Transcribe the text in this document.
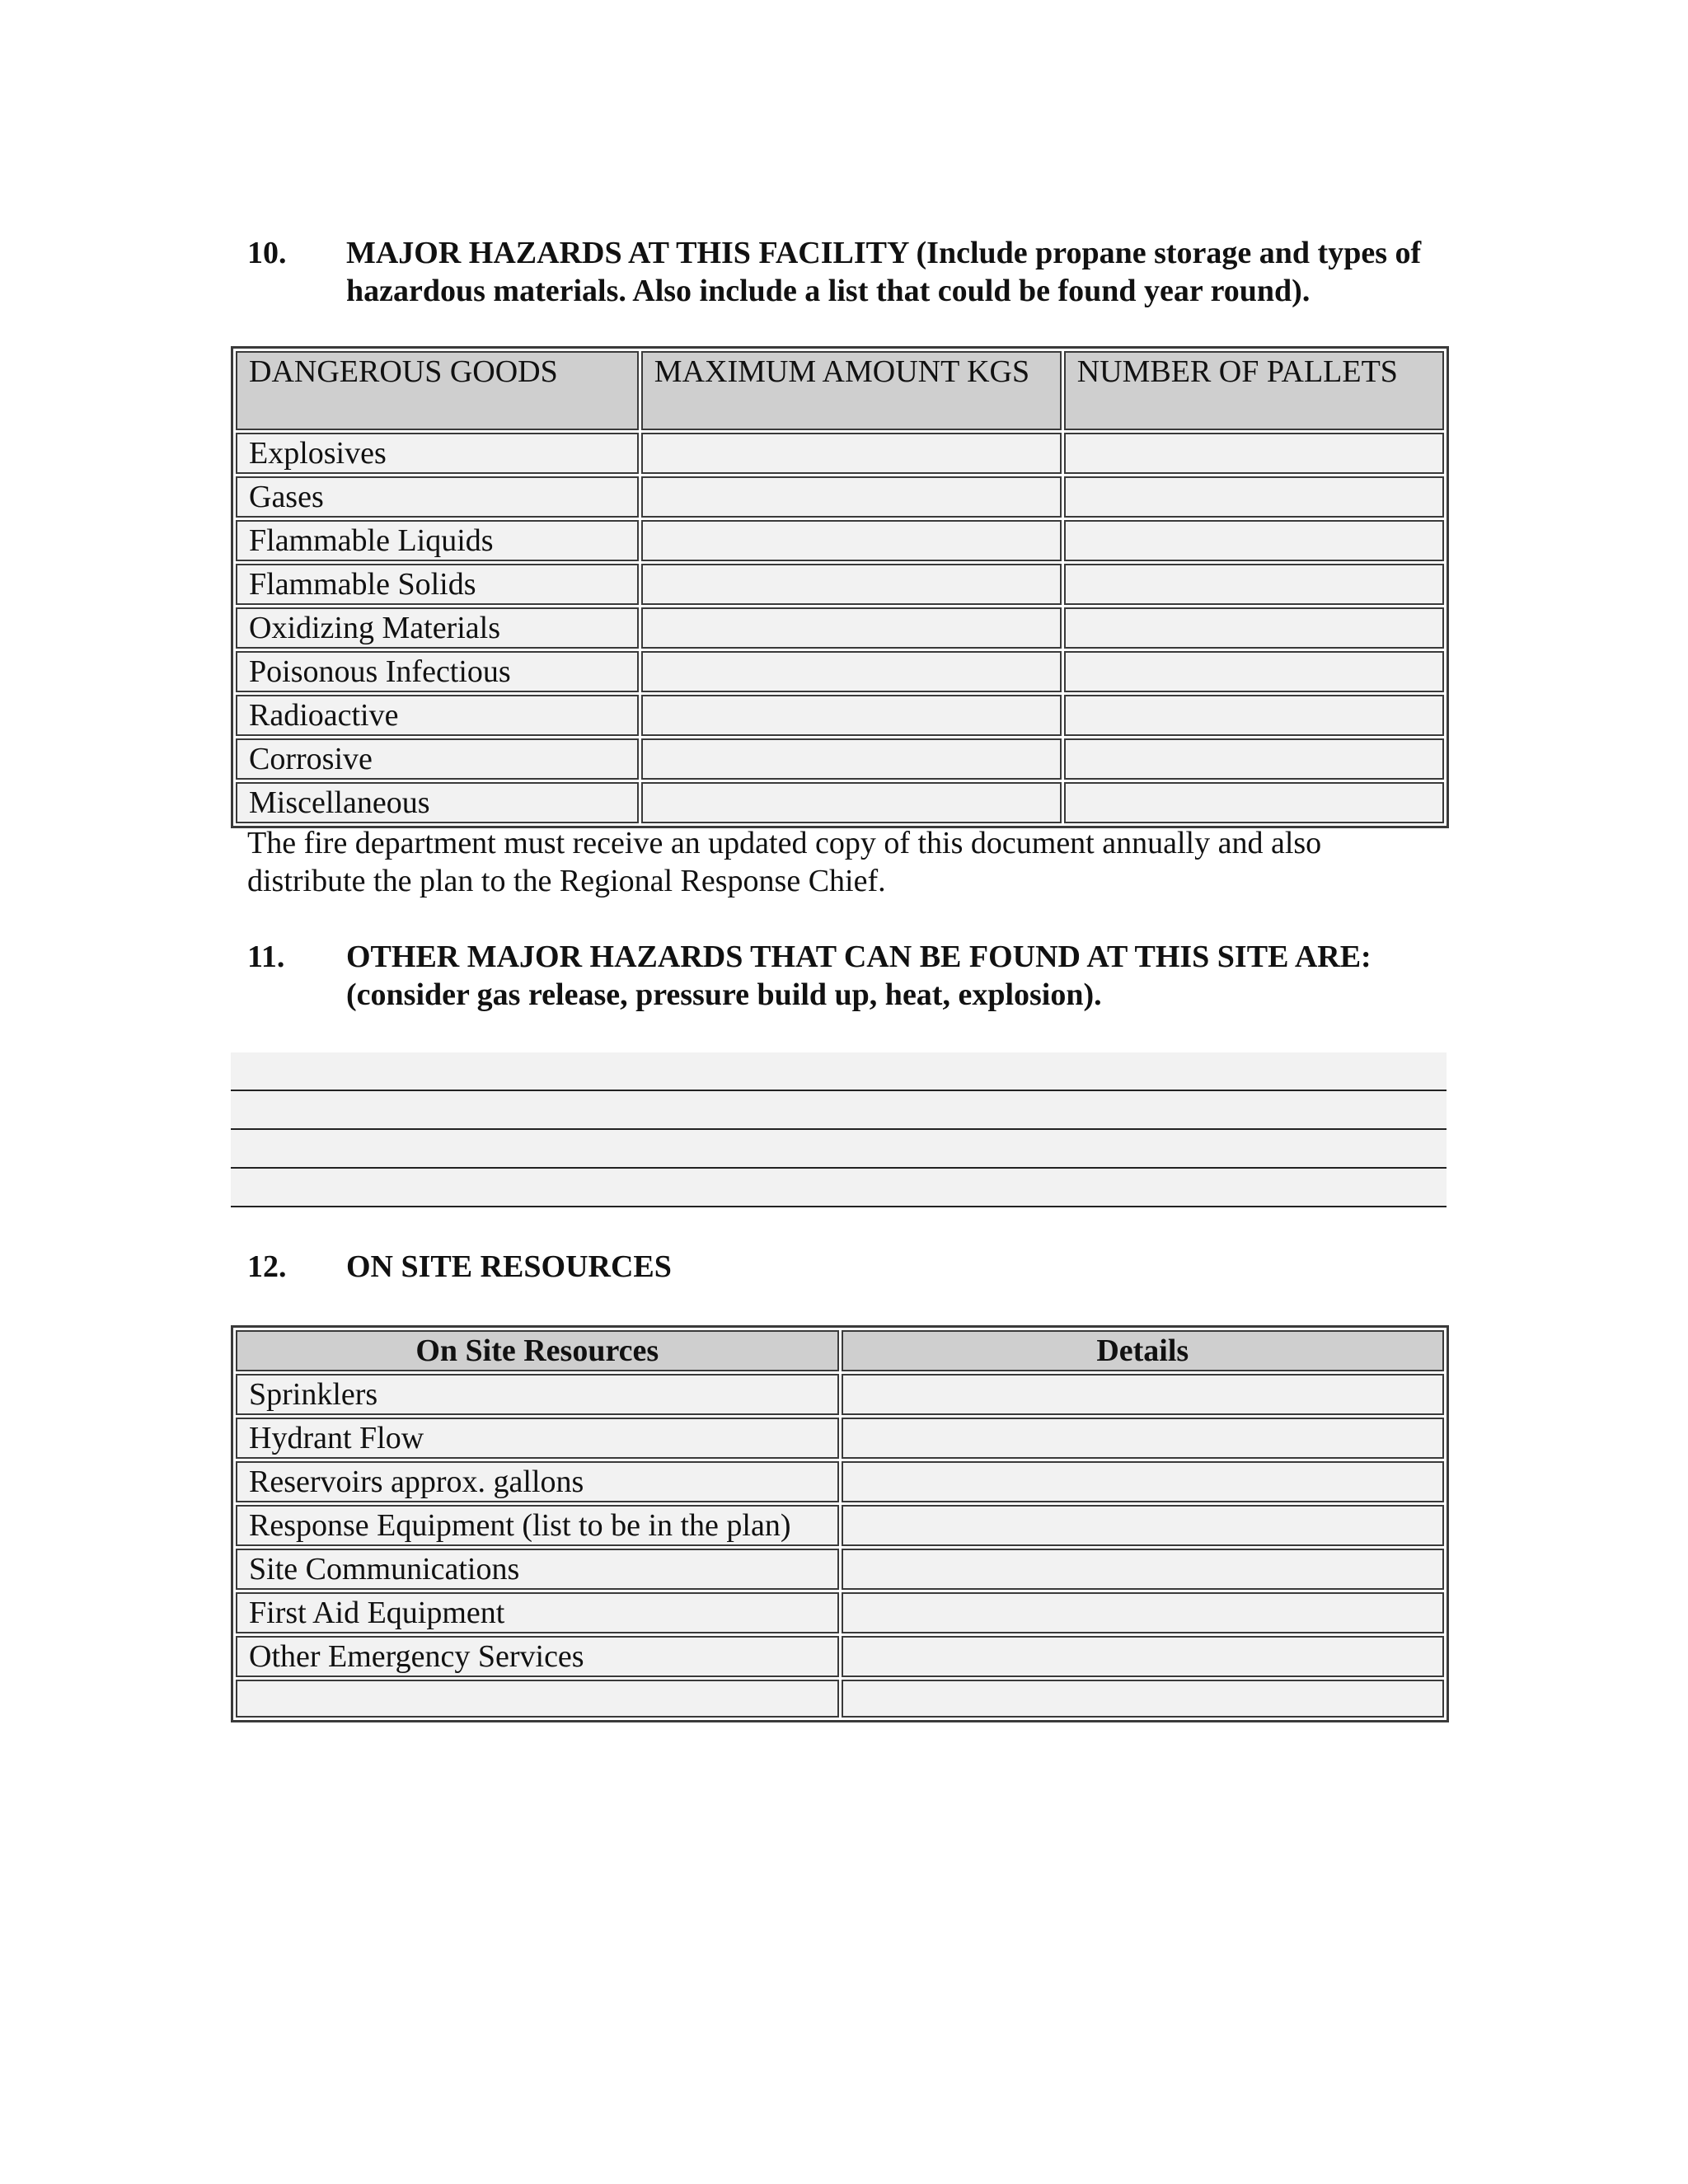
10. MAJOR HAZARDS AT THIS FACILITY (Include propane storage and types of
hazardous materials. Also include a list that could be found year round).
DANGEROUS GOODS	MAXIMUM AMOUNT KGS	NUMBER OF PALLETS
Explosives		
Gases		
Flammable Liquids		
Flammable Solids		
Oxidizing Materials		
Poisonous Infectious		
Radioactive		
Corrosive		
Miscellaneous		
The fire department must receive an updated copy of this document annually and also
distribute the plan to the Regional Response Chief.
11. OTHER MAJOR HAZARDS THAT CAN BE FOUND AT THIS SITE ARE:
(consider gas release, pressure build up, heat, explosion).
12. ON SITE RESOURCES
On Site Resources	Details
Sprinklers	
Hydrant Flow	
Reservoirs approx. gallons	
Response Equipment (list to be in the plan)	
Site Communications	
First Aid Equipment	
Other Emergency Services	
